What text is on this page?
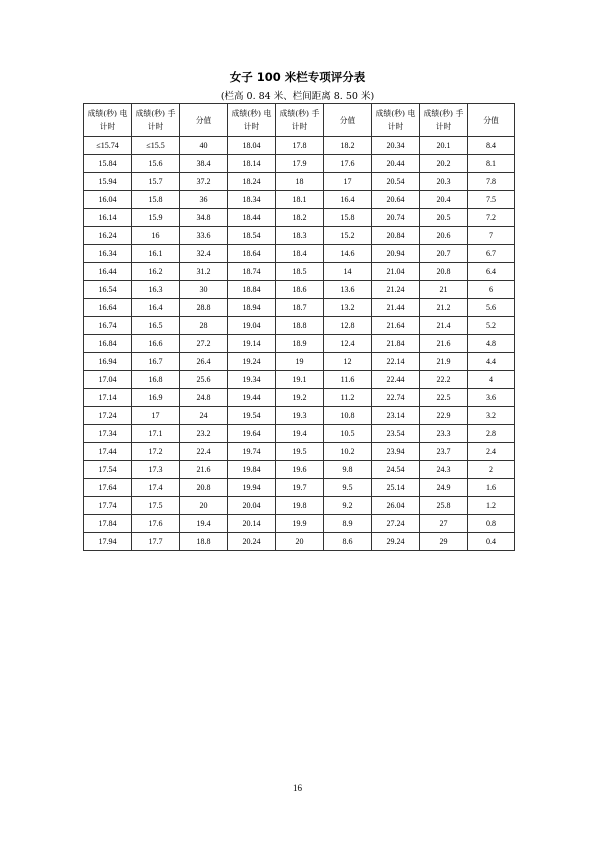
女子 100 米栏专项评分表
(栏高 0. 84 米、栏间距离 8. 50 米)
成绩(秒) 电计时	成绩(秒) 手计时	分值	成绩(秒) 电计时	成绩(秒) 手计时	分值	成绩(秒) 电计时	成绩(秒) 手计时	分值
≤15.74	≤15.5	40	18.04	17.8	18.2	20.34	20.1	8.4
15.84	15.6	38.4	18.14	17.9	17.6	20.44	20.2	8.1
15.94	15.7	37.2	18.24	18	17	20.54	20.3	7.8
16.04	15.8	36	18.34	18.1	16.4	20.64	20.4	7.5
16.14	15.9	34.8	18.44	18.2	15.8	20.74	20.5	7.2
16.24	16	33.6	18.54	18.3	15.2	20.84	20.6	7
16.34	16.1	32.4	18.64	18.4	14.6	20.94	20.7	6.7
16.44	16.2	31.2	18.74	18.5	14	21.04	20.8	6.4
16.54	16.3	30	18.84	18.6	13.6	21.24	21	6
16.64	16.4	28.8	18.94	18.7	13.2	21.44	21.2	5.6
16.74	16.5	28	19.04	18.8	12.8	21.64	21.4	5.2
16.84	16.6	27.2	19.14	18.9	12.4	21.84	21.6	4.8
16.94	16.7	26.4	19.24	19	12	22.14	21.9	4.4
17.04	16.8	25.6	19.34	19.1	11.6	22.44	22.2	4
17.14	16.9	24.8	19.44	19.2	11.2	22.74	22.5	3.6
17.24	17	24	19.54	19.3	10.8	23.14	22.9	3.2
17.34	17.1	23.2	19.64	19.4	10.5	23.54	23.3	2.8
17.44	17.2	22.4	19.74	19.5	10.2	23.94	23.7	2.4
17.54	17.3	21.6	19.84	19.6	9.8	24.54	24.3	2
17.64	17.4	20.8	19.94	19.7	9.5	25.14	24.9	1.6
17.74	17.5	20	20.04	19.8	9.2	26.04	25.8	1.2
17.84	17.6	19.4	20.14	19.9	8.9	27.24	27	0.8
17.94	17.7	18.8	20.24	20	8.6	29.24	29	0.4
16
